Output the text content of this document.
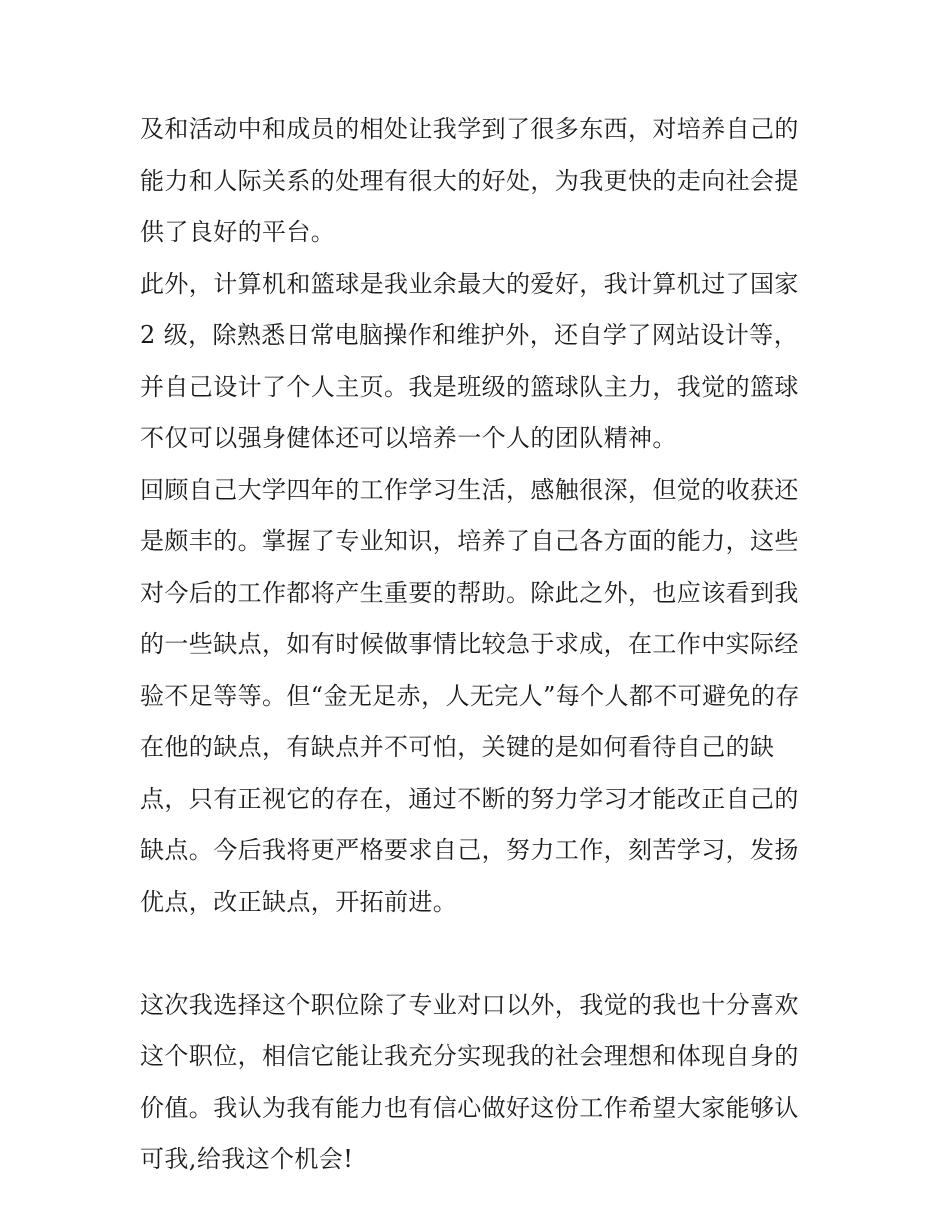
及和活动中和成员的相处让我学到了很多东西，对培养自己的
能力和人际关系的处理有很大的好处，为我更快的走向社会提
供了良好的平台。
此外，计算机和篮球是我业余最大的爱好，我计算机过了国家
2 级，除熟悉日常电脑操作和维护外，还自学了网站设计等，
并自己设计了个人主页。我是班级的篮球队主力，我觉的篮球
不仅可以强身健体还可以培养一个人的团队精神。
回顾自己大学四年的工作学习生活，感触很深，但觉的收获还
是颇丰的。掌握了专业知识，培养了自己各方面的能力，这些
对今后的工作都将产生重要的帮助。除此之外，也应该看到我
的一些缺点，如有时候做事情比较急于求成，在工作中实际经
验不足等等。但“金无足赤，人无完人”每个人都不可避免的存
在他的缺点，有缺点并不可怕，关键的是如何看待自己的缺
点，只有正视它的存在，通过不断的努力学习才能改正自己的
缺点。今后我将更严格要求自己，努力工作，刻苦学习，发扬
优点，改正缺点，开拓前进。
这次我选择这个职位除了专业对口以外，我觉的我也十分喜欢
这个职位，相信它能让我充分实现我的社会理想和体现自身的
价值。我认为我有能力也有信心做好这份工作希望大家能够认
可我,给我这个机会!
